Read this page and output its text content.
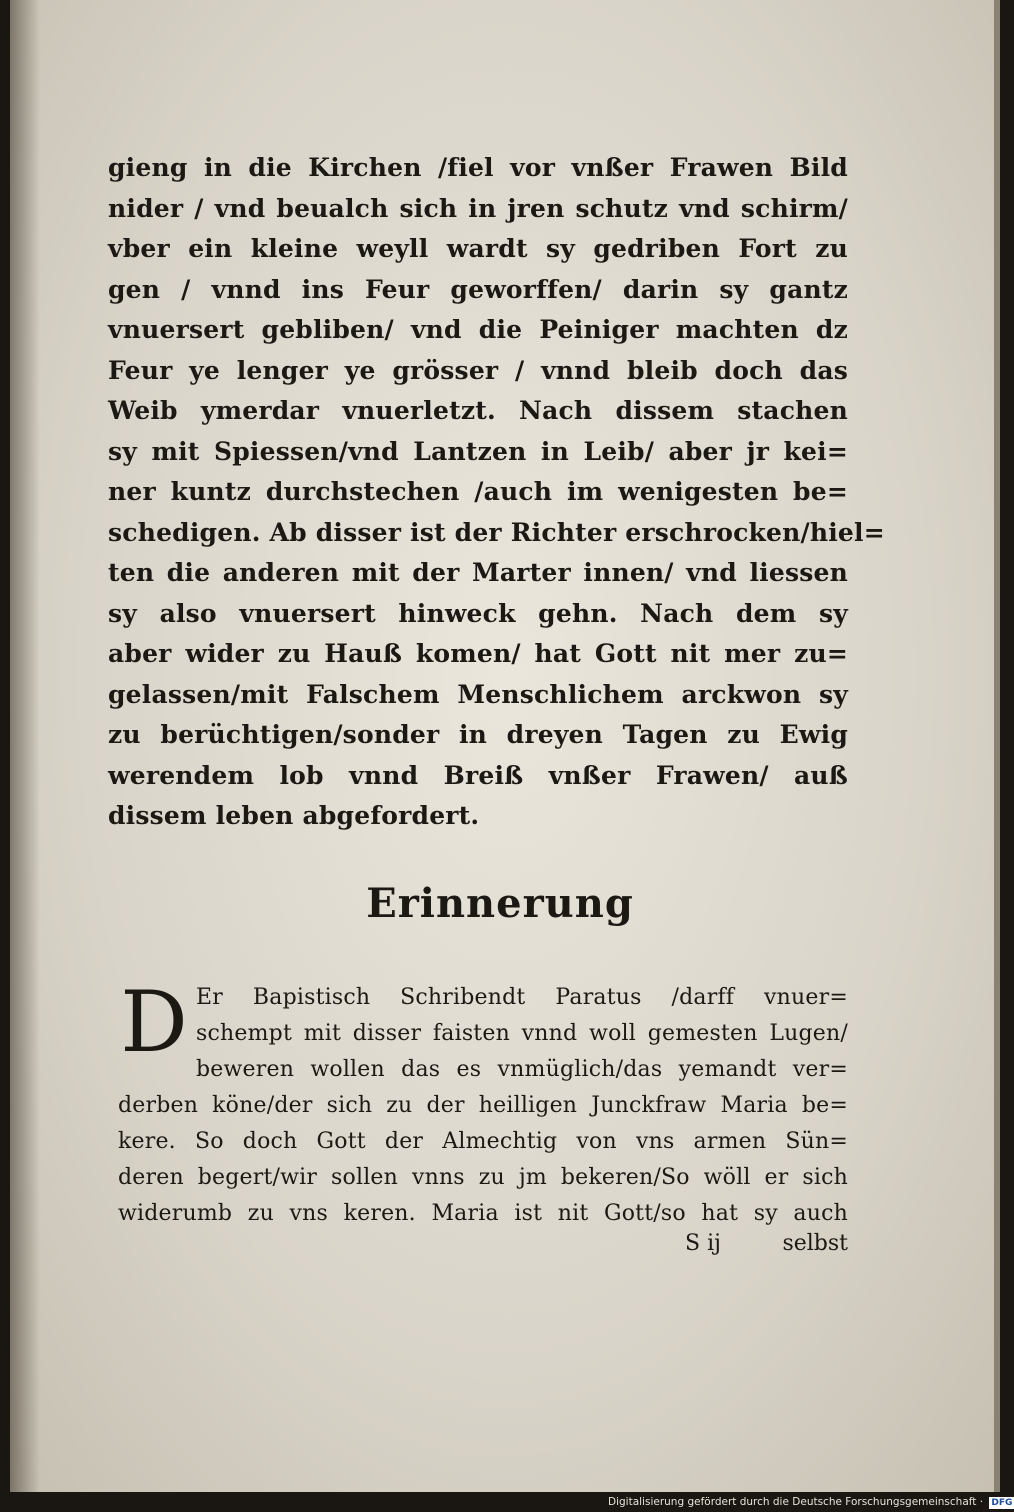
gieng in die Kirchen /fiel vor vnßer Frawen Bild
nider / vnd beualch sich in jren schutz vnd schirm/
vber ein kleine weyll wardt sy gedriben Fort zu
gen / vnnd ins Feur geworffen/ darin sy gantz
vnuersert gebliben/ vnd die Peiniger machten dz
Feur ye lenger ye grösser / vnnd bleib doch das
Weib ymerdar vnuerletzt. Nach dissem stachen
sy mit Spiessen/vnd Lantzen in Leib/ aber jr kei=
ner kuntz durchstechen /auch im wenigesten be=
schedigen. Ab disser ist der Richter erschrocken/hiel=
ten die anderen mit der Marter innen/ vnd liessen
sy also vnuersert hinweck gehn. Nach dem sy
aber wider zu Hauß komen/ hat Gott nit mer zu=
gelassen/mit Falschem Menschlichem arckwon sy
zu berüchtigen/sonder in dreyen Tagen zu Ewig
werendem lob vnnd Breiß vnßer Frawen/ auß
dissem leben abgefordert.
Erinnerung
D Er Bapistisch Schribendt Paratus /darff vnuer=
schempt mit disser faisten vnnd woll gemesten Lugen/
beweren wollen das es vnmüglich/das yemandt ver=
derben köne/der sich zu der heilligen Junckfraw Maria be=
kere. So doch Gott der Almechtig von vns armen Sün=
deren begert/wir sollen vnns zu jm bekeren/So wöll er sich
widerumb zu vns keren. Maria ist nit Gott/so hat sy auch
S ij	selbst
Digitalisierung gefördert durch die Deutsche Forschungsgemeinschaft · DFG
